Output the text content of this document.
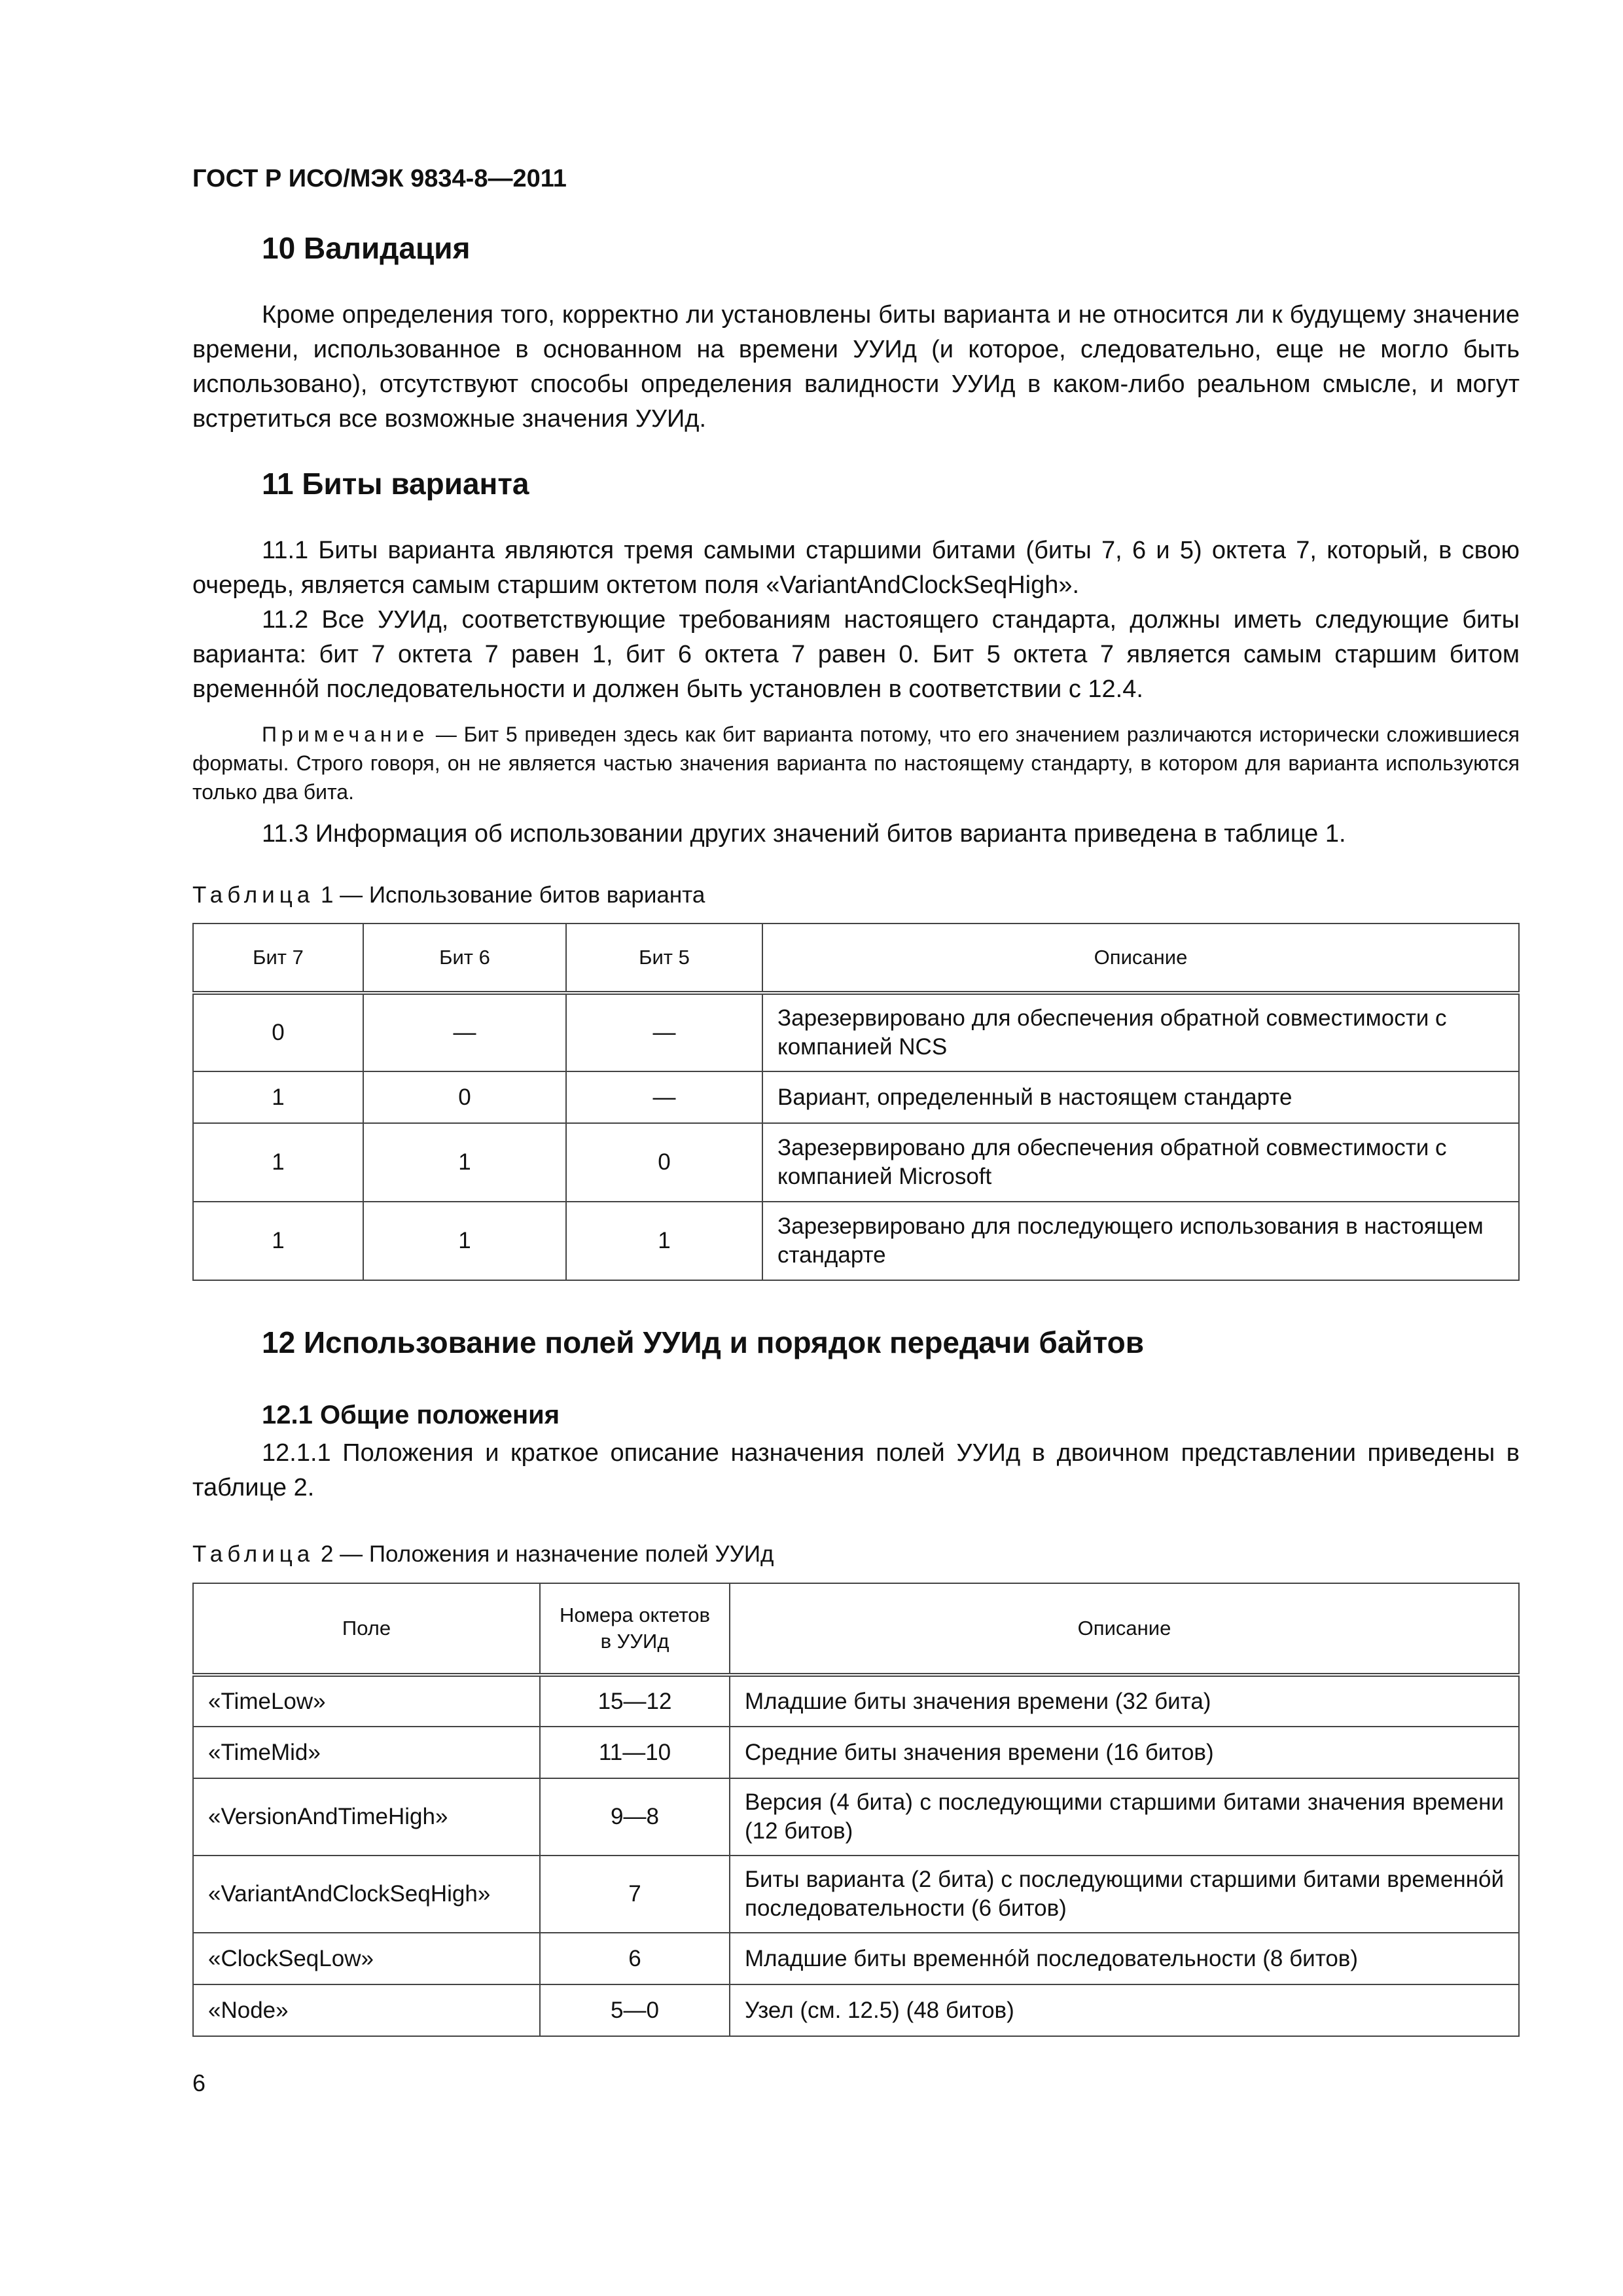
ГОСТ Р ИСО/МЭК 9834-8—2011
10 Валидация

Кроме определения того, корректно ли установлены биты варианта и не относится ли к будущему значение времени, использованное в основанном на времени УУИд (и которое, следовательно, еще не могло быть использовано), отсутствуют способы определения валидности УУИд в каком-либо реальном смысле, и могут встретиться все возможные значения УУИд.

11 Биты варианта

11.1 Биты варианта являются тремя самыми старшими битами (биты 7, 6 и 5) октета 7, который, в свою очередь, является самым старшим октетом поля «VariantAndClockSeqHigh».

11.2 Все УУИд, соответствующие требованиям настоящего стандарта, должны иметь следующие биты варианта: бит 7 октета 7 равен 1, бит 6 октета 7 равен 0. Бит 5 октета 7 является самым старшим битом временнóй последовательности и должен быть установлен в соответствии с 12.4.

Примечание — Бит 5 приведен здесь как бит варианта потому, что его значением различаются исторически сложившиеся форматы. Строго говоря, он не является частью значения варианта по настоящему стандарту, в котором для варианта используются только два бита.

11.3 Информация об использовании других значений битов варианта приведена в таблице 1.

Таблица 1 — Использование битов варианта
Бит 7	Бит 6	Бит 5	Описание
0	—	—	Зарезервировано для обеспечения обратной совместимости с компанией NCS
1	0	—	Вариант, определенный в настоящем стандарте
1	1	0	Зарезервировано для обеспечения обратной совместимости с компанией Microsoft
1	1	1	Зарезервировано для последующего использования в настоящем стандарте
12 Использование полей УУИд и порядок передачи байтов
12.1 Общие положения

12.1.1 Положения и краткое описание назначения полей УУИд в двоичном представлении приведены в таблице 2.

Таблица 2 — Положения и назначение полей УУИд
Поле	Номера октетов в УУИд	Описание
«TimeLow»	15—12	Младшие биты значения времени (32 бита)
«TimeMid»	11—10	Средние биты значения времени (16 битов)
«VersionAndTimeHigh»	9—8	Версия (4 бита) с последующими старшими битами значения времени (12 битов)
«VariantAndClockSeqHigh»	7	Биты варианта (2 бита) с последующими старшими битами временнóй последовательности (6 битов)
«ClockSeqLow»	6	Младшие биты временнóй последовательности (8 битов)
«Node»	5—0	Узел (см. 12.5) (48 битов)
6
